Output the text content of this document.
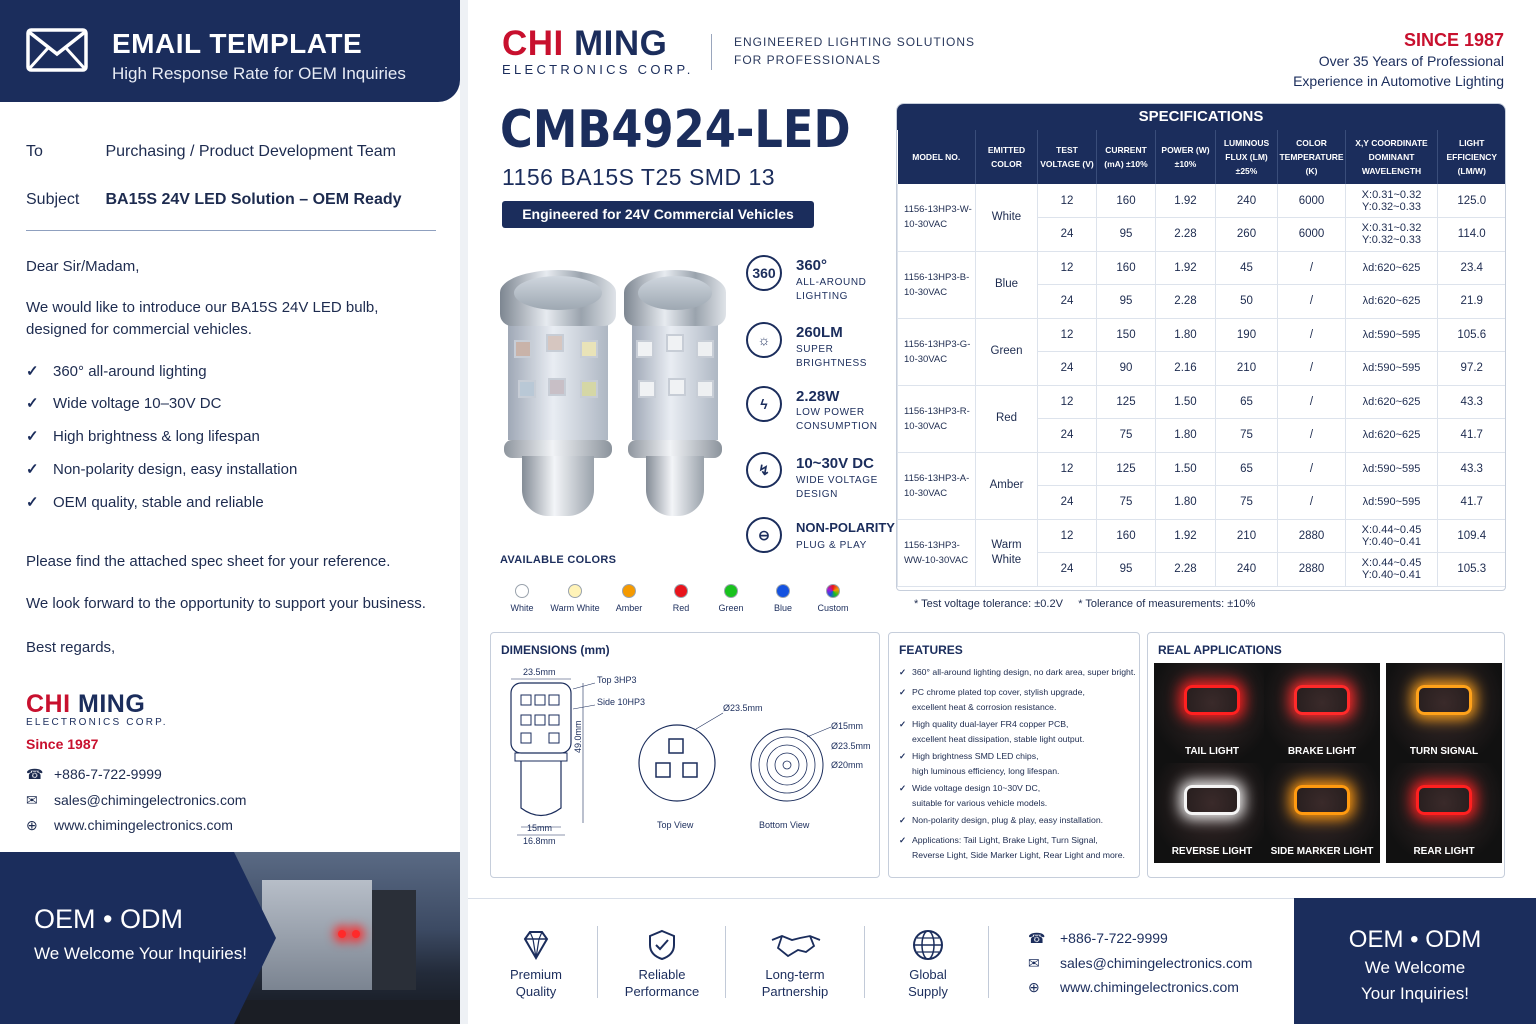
EMAIL TEMPLATE
High Response Rate for OEM Inquiries
To	Purchasing / Product Development Team
Subject BA15S 24V LED Solution – OEM Ready
Dear Sir/Madam,
We would like to introduce our BA15S 24V LED bulb, designed for commercial vehicles.
✓ 360° all-around lighting
✓ Wide voltage 10–30V DC
✓ High brightness & long lifespan
✓ Non-polarity design, easy installation
✓ OEM quality, stable and reliable
Please find the attached spec sheet for your reference.
We look forward to the opportunity to support your business.
Best regards,
CHI MING
ELECTRONICS CORP.
Since 1987
☎ +886-7-722-9999
✉ sales@chimingelectronics.com
⊕ www.chimingelectronics.com
OEM • ODM
We Welcome Your Inquiries!
CHI MING
ELECTRONICS CORP.
ENGINEERED LIGHTING SOLUTIONS
FOR PROFESSIONALS
SINCE 1987
Over 35 Years of Professional
Experience in Automotive Lighting
CMB4924-LED
1156 BA15S T25 SMD 13
Engineered for 24V Commercial Vehicles
360	360°
ALL-AROUND
LIGHTING
☼	260LM
SUPER
BRIGHTNESS
ϟ	2.28W
LOW POWER
CONSUMPTION
↯	10~30V DC
WIDE VOLTAGE
DESIGN
⊖	NON-POLARITY
PLUG & PLAY
AVAILABLE COLORS
White	Warm White	Amber	Red	Green	Blue	Custom
SPECIFICATIONS
MODEL NO.	EMITTED COLOR	TEST VOLTAGE (V)	CURRENT (mA) ±10%	POWER (W) ±10%	LUMINOUS FLUX (LM) ±25%	COLOR TEMPERATURE (K)	X,Y COORDINATE DOMINANT WAVELENGTH	LIGHT EFFICIENCY (LM/W)
1156-13HP3-W-10-30VAC	White	12	160	1.92	240	6000	X:0.31~0.32 Y:0.32~0.33	125.0
		24	95	2.28	260	6000	X:0.31~0.32 Y:0.32~0.33	114.0
1156-13HP3-B-10-30VAC	Blue	12	160	1.92	45	/	λd:620~625	23.4
		24	95	2.28	50	/	λd:620~625	21.9
1156-13HP3-G-10-30VAC	Green	12	150	1.80	190	/	λd:590~595	105.6
		24	90	2.16	210	/	λd:590~595	97.2
1156-13HP3-R-10-30VAC	Red	12	125	1.50	65	/	λd:620~625	43.3
		24	75	1.80	75	/	λd:620~625	41.7
1156-13HP3-A-10-30VAC	Amber	12	125	1.50	65	/	λd:590~595	43.3
		24	75	1.80	75	/	λd:590~595	41.7
1156-13HP3-WW-10-30VAC	Warm White	12	160	1.92	210	2880	X:0.44~0.45 Y:0.40~0.41	109.4
		24	95	2.28	240	2880	X:0.44~0.45 Y:0.40~0.41	105.3
* Test voltage tolerance: ±0.2V * Tolerance of measurements: ±10%
DIMENSIONS (mm)
23.5mm
Top 3HP3
Side 10HP3
49.0mm
15mm
16.8mm
Ø23.5mm
Top View
Ø15mm
Ø23.5mm
Ø20mm
Bottom View
FEATURES
✓ 360° all-around lighting design, no dark area, super bright.
✓ PC chrome plated top cover, stylish upgrade,
excellent heat & corrosion resistance.
✓ High quality dual-layer FR4 copper PCB,
excellent heat dissipation, stable light output.
✓ High brightness SMD LED chips,
high luminous efficiency, long lifespan.
✓ Wide voltage design 10~30V DC,
suitable for various vehicle models.
✓ Non-polarity design, plug & play, easy installation.
✓ Applications: Tail Light, Brake Light, Turn Signal,
Reverse Light, Side Marker Light, Rear Light and more.
REAL APPLICATIONS
TAIL LIGHT	BRAKE LIGHT	TURN SIGNAL
REVERSE LIGHT	SIDE MARKER LIGHT	REAR LIGHT
Premium
Quality
Reliable
Performance
Long-term
Partnership
Global
Supply
☎ +886-7-722-9999
✉ sales@chimingelectronics.com
⊕ www.chimingelectronics.com
OEM • ODM
We Welcome
Your Inquiries!
